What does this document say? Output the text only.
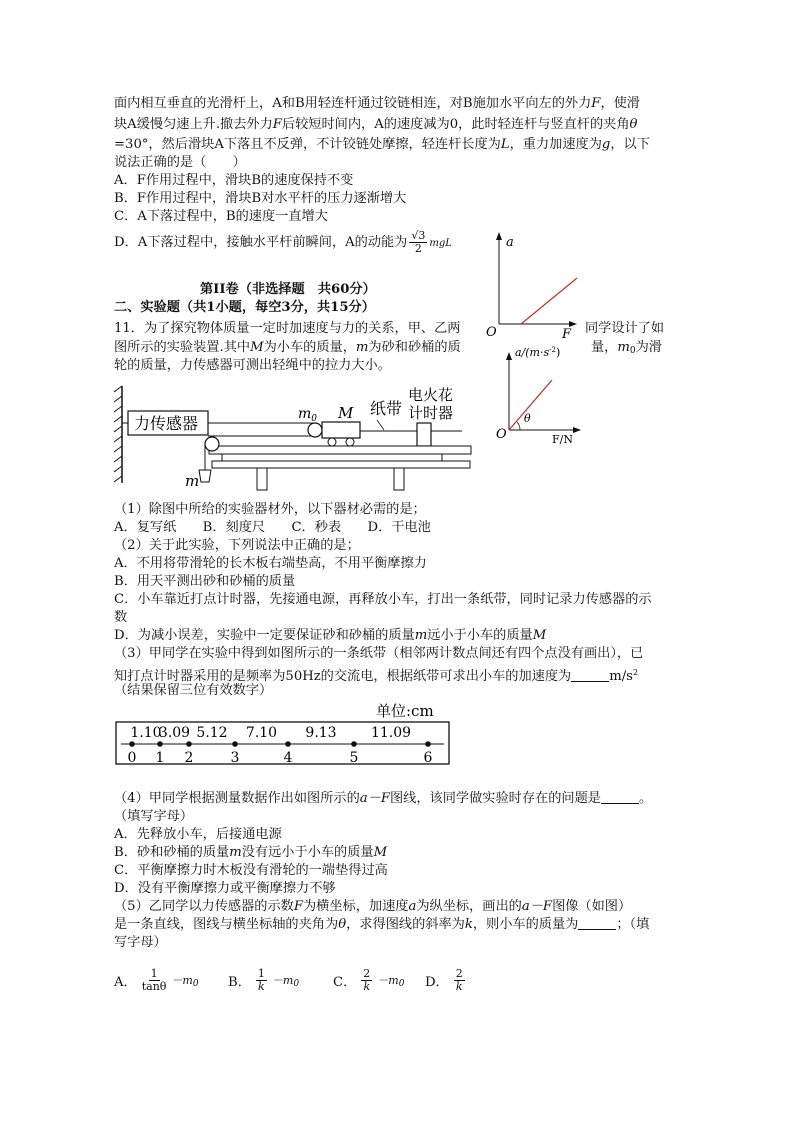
面内相互垂直的光滑杆上，A和B用轻连杆通过铰链相连，对B施加水平向左的外力F，使滑
块A缓慢匀速上升.撤去外力F后较短时间内，A的速度减为0，此时轻连杆与竖直杆的夹角θ
=30°，然后滑块A下落且不反弹，不计铰链处摩擦，轻连杆长度为L，重力加速度为g，以下
说法正确的是（　　）
A．F作用过程中，滑块B的速度保持不变
B．F作用过程中，滑块B对水平杆的压力逐渐增大
C．A下落过程中，B的速度一直增大
D．A下落过程中，接触水平杆前瞬间，A的动能为 $\frac{√3}{2}$ mgL
第II卷（非选择题　共60分）
二、实验题（共1小题，每空3分，共15分）
11．为了探究物体质量一定时加速度与力的关系，甲、乙两	同学设计了如
图所示的实验装置.其中M为小车的质量，m为砂和砂桶的质	量，$m_0$为滑
轮的质量，力传感器可测出轻绳中的拉力大小。
a
O	F
$a/(m\cdot s^{-2})$
θ
O	F/N
力传感器	$m_0$ M 纸带
电火花
计时器
m
（1）除图中所给的实验器材外，以下器材必需的是；
A．复写纸　　B．刻度尺　　C．秒表　　D．干电池
（2）关于此实验，下列说法中正确的是；
A．不用将带滑轮的长木板右端垫高，不用平衡摩擦力
B．用天平测出砂和砂桶的质量
C．小车靠近打点计时器，先接通电源，再释放小车，打出一条纸带，同时记录力传感器的示
数
D．为减小误差，实验中一定要保证砂和砂桶的质量m远小于小车的质量M
（3）甲同学在实验中得到如图所示的一条纸带（相邻两计数点间还有四个点没有画出），已
知打点计时器采用的是频率为50Hz的交流电，根据纸带可求出小车的加速度为	$m/s^2$
（结果保留三位有效数字）
单位:cm
0 1 2	3	4	5	6
1.10
3.09 5.12 7.10 9.13 11.09
（4）甲同学根据测量数据作出如图所示的a－F图线，该同学做实验时存在的问题是	。
（填写字母）
A．先释放小车，后接通电源
B．砂和砂桶的质量m没有远小于小车的质量M
C．平衡摩擦力时木板没有滑轮的一端垫得过高
D．没有平衡摩擦力或平衡摩擦力不够
（5）乙同学以力传感器的示数F为横坐标，加速度a为纵坐标，画出的a－F图像（如图）
是一条直线，图线与横坐标轴的夹角为θ，求得图线的斜率为k，则小车的质量为	；（填
写字母）
A． $\frac{1}{\tan\theta} -m_0$ B． $\frac{1}{k} -m_0$	C． $\frac{2}{k} -m_0$ D． $\frac{2}{k}$
